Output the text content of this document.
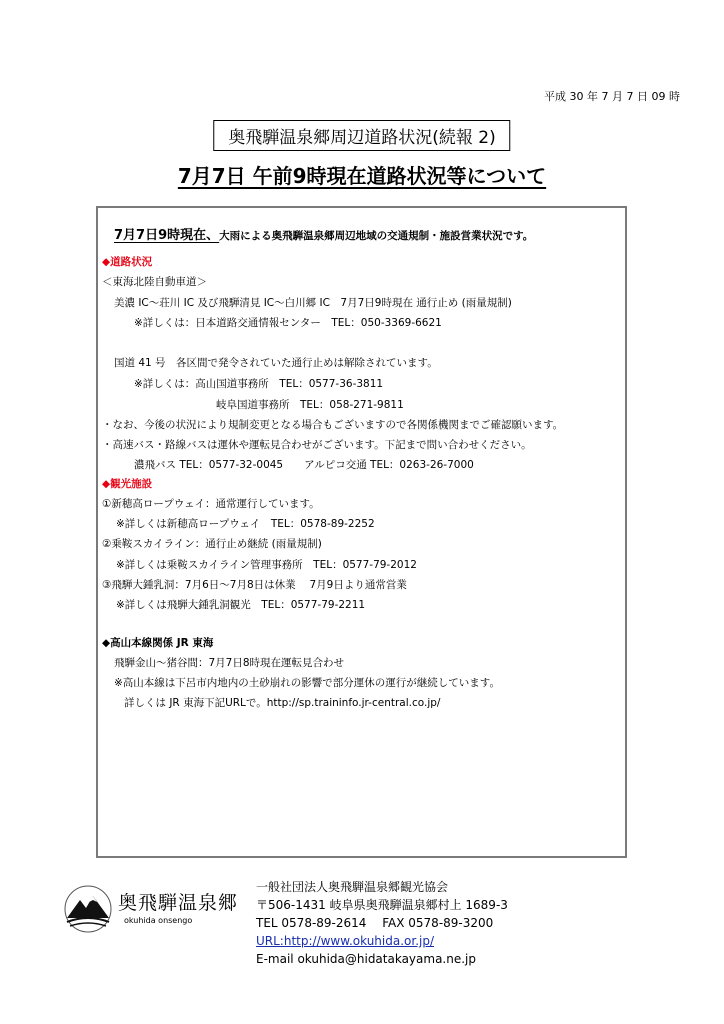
平成 30 年 7 月 7 日 09 時
奥飛騨温泉郷周辺道路状況(続報 2)
7月7日 午前9時現在道路状況等について
7月7日9時現在、大雨による奥飛騨温泉郷周辺地域の交通規制・施設営業状況です。
◆道路状況
＜東海北陸自動車道＞
美濃 IC～荘川 IC 及び飛騨清見 IC～白川郷 IC　7月7日9時現在 通行止め (雨量規制)
※詳しくは：日本道路交通情報センター　TEL：050-3369-6621
国道 41 号　各区間で発令されていた通行止めは解除されています。
※詳しくは：高山国道事務所　TEL：0577-36-3811
岐阜国道事務所　TEL：058-271-9811
・なお、今後の状況により規制変更となる場合もございますので各関係機関までご確認願います。
・高速バス・路線バスは運休や運転見合わせがございます。下記まで問い合わせください。
濃飛バス TEL：0577-32-0045　　アルピコ交通 TEL：0263-26-7000
◆観光施設
①新穂高ロープウェイ：通常運行しています。
※詳しくは新穂高ロープウェイ　TEL：0578-89-2252
②乗鞍スカイライン：通行止め継続 (雨量規制)
※詳しくは乗鞍スカイライン管理事務所　TEL：0577-79-2012
③飛騨大鍾乳洞：7月6日～7月8日は休業　 7月9日より通常営業
※詳しくは飛騨大鍾乳洞観光　TEL：0577-79-2211
◆高山本線関係 JR 東海
飛騨金山～猪谷間：7月7日8時現在運転見合わせ
※高山本線は下呂市内地内の土砂崩れの影響で部分運休の運行が継続しています。
詳しくは JR 東海下記URLで。http://sp.traininfo.jr-central.co.jp/
奥飛騨温泉郷
okuhida onsengo
一般社団法人奥飛騨温泉郷観光協会
〒506-1431 岐阜県奥飛騨温泉郷村上 1689-3
TEL 0578-89-2614　 FAX 0578-89-3200
URL:http://www.okuhida.or.jp/
E-mail okuhida@hidatakayama.ne.jp
